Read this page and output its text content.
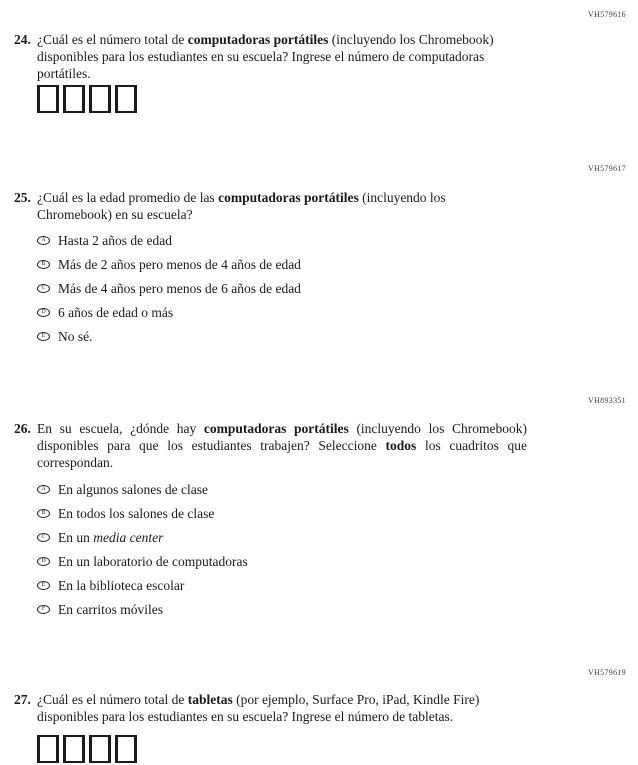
VH579616
VH579617
VH893351
VH579619
24. ¿Cuál es el número total de computadoras portátiles (incluyendo los Chromebook)
disponibles para los estudiantes en su escuela? Ingrese el número de computadoras
portátiles.
25. ¿Cuál es la edad promedio de las computadoras portátiles (incluyendo los
Chromebook) en su escuela?
A Hasta 2 años de edad
B Más de 2 años pero menos de 4 años de edad
C Más de 4 años pero menos de 6 años de edad
D 6 años de edad o más
E No sé.
26. En su escuela, ¿dónde hay computadoras portátiles (incluyendo los Chromebook)
disponibles para que los estudiantes trabajen? Seleccione todos los cuadritos que
correspondan.
A En algunos salones de clase
B En todos los salones de clase
C En un media center
D En un laboratorio de computadoras
E En la biblioteca escolar
F En carritos móviles
27. ¿Cuál es el número total de tabletas (por ejemplo, Surface Pro, iPad, Kindle Fire)
disponibles para los estudiantes en su escuela? Ingrese el número de tabletas.
